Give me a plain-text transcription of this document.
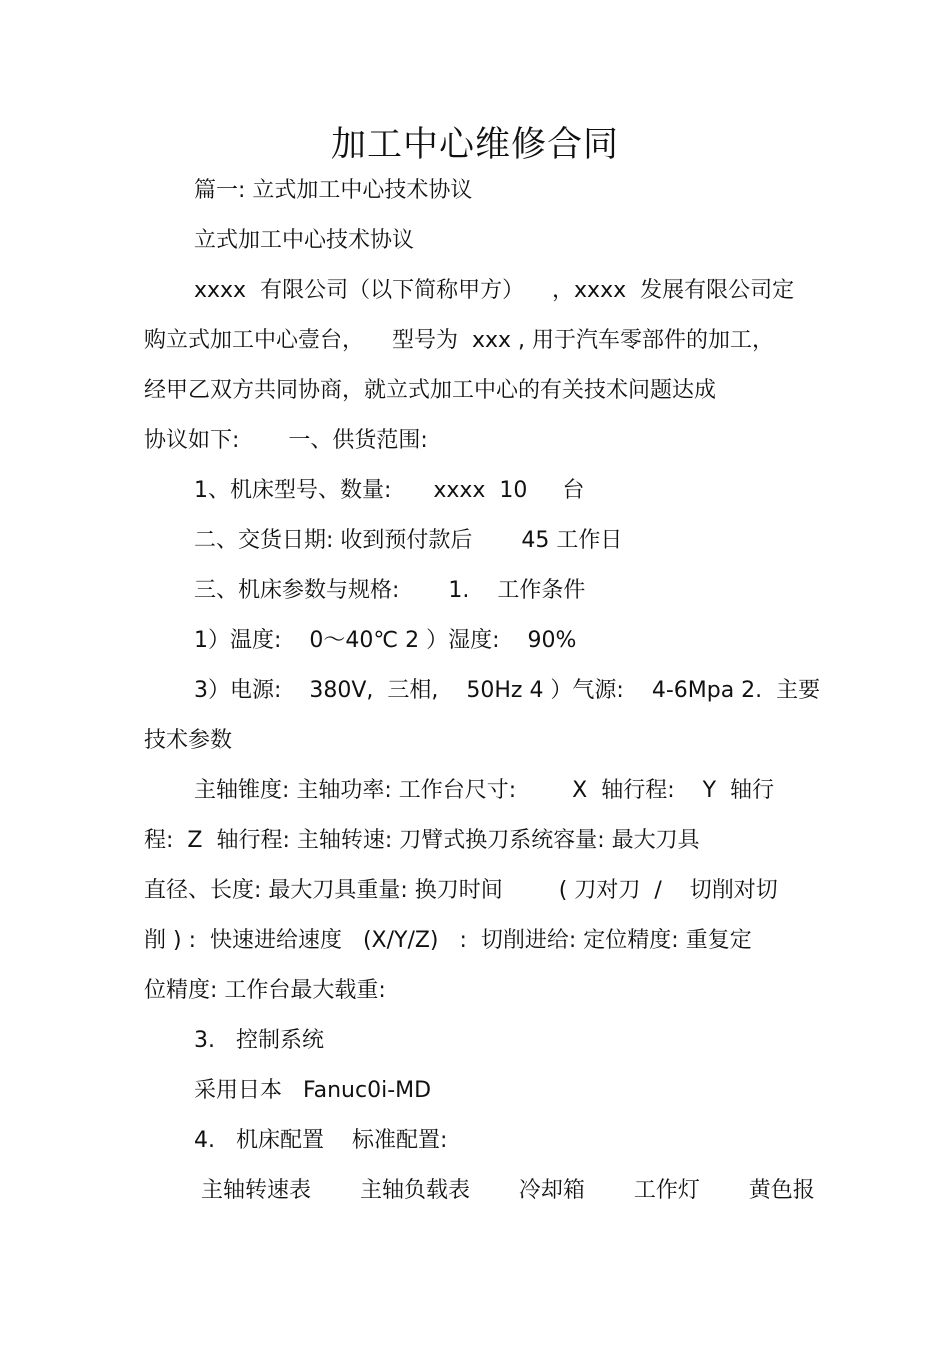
加工中心维修合同
篇一: 立式加工中心技术协议
立式加工中心技术协议
xxxx  有限公司（以下简称甲方）    ，xxxx  发展有限公司定
购立式加工中心壹台，    型号为  xxx , 用于汽车零部件的加工，
经甲乙双方共同协商，就立式加工中心的有关技术问题达成
协议如下:       一、供货范围:
1、机床型号、数量:      xxxx  10     台
二、交货日期: 收到预付款后       45 工作日
三、机床参数与规格:       1.    工作条件
1）温度:    0～40℃ 2 ）湿度:    90%
3）电源:    380V,  三相,    50Hz 4 ）气源:    4-6Mpa 2.  主要
技术参数
主轴锥度: 主轴功率: 工作台尺寸:        X  轴行程:    Y  轴行
程:  Z  轴行程: 主轴转速: 刀臂式换刀系统容量: 最大刀具
直径、长度: 最大刀具重量: 换刀时间        ( 刀对刀  /    切削对切
削 ) :  快速进给速度   (X/Y/Z)   :  切削进给: 定位精度: 重复定
位精度: 工作台最大载重:
3.   控制系统
采用日本   Fanuc0i-MD
4.   机床配置    标准配置:
主轴转速表       主轴负载表       冷却箱       工作灯       黄色报
